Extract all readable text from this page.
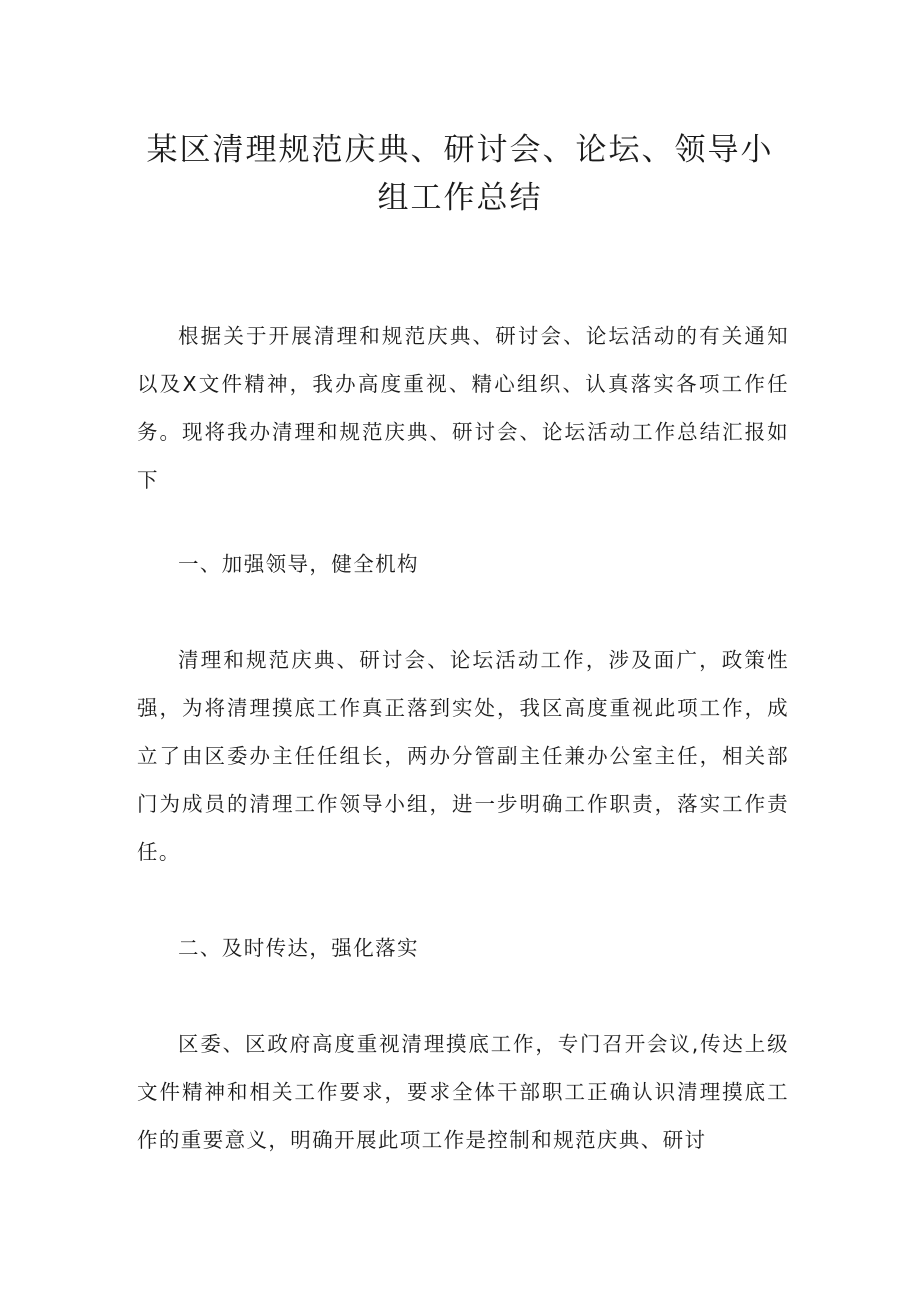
某区清理规范庆典、研讨会、论坛、领导小
组工作总结

根据关于开展清理和规范庆典、研讨会、论坛活动的有关通知以及X文件精神，我办高度重视、精心组织、认真落实各项工作任务。现将我办清理和规范庆典、研讨会、论坛活动工作总结汇报如下

一、加强领导，健全机构

清理和规范庆典、研讨会、论坛活动工作，涉及面广，政策性强，为将清理摸底工作真正落到实处，我区高度重视此项工作，成立了由区委办主任任组长，两办分管副主任兼办公室主任，相关部门为成员的清理工作领导小组，进一步明确工作职责，落实工作责任。

二、及时传达，强化落实

区委、区政府高度重视清理摸底工作，专门召开会议,传达上级文件精神和相关工作要求，要求全体干部职工正确认识清理摸底工作的重要意义，明确开展此项工作是控制和规范庆典、研讨
